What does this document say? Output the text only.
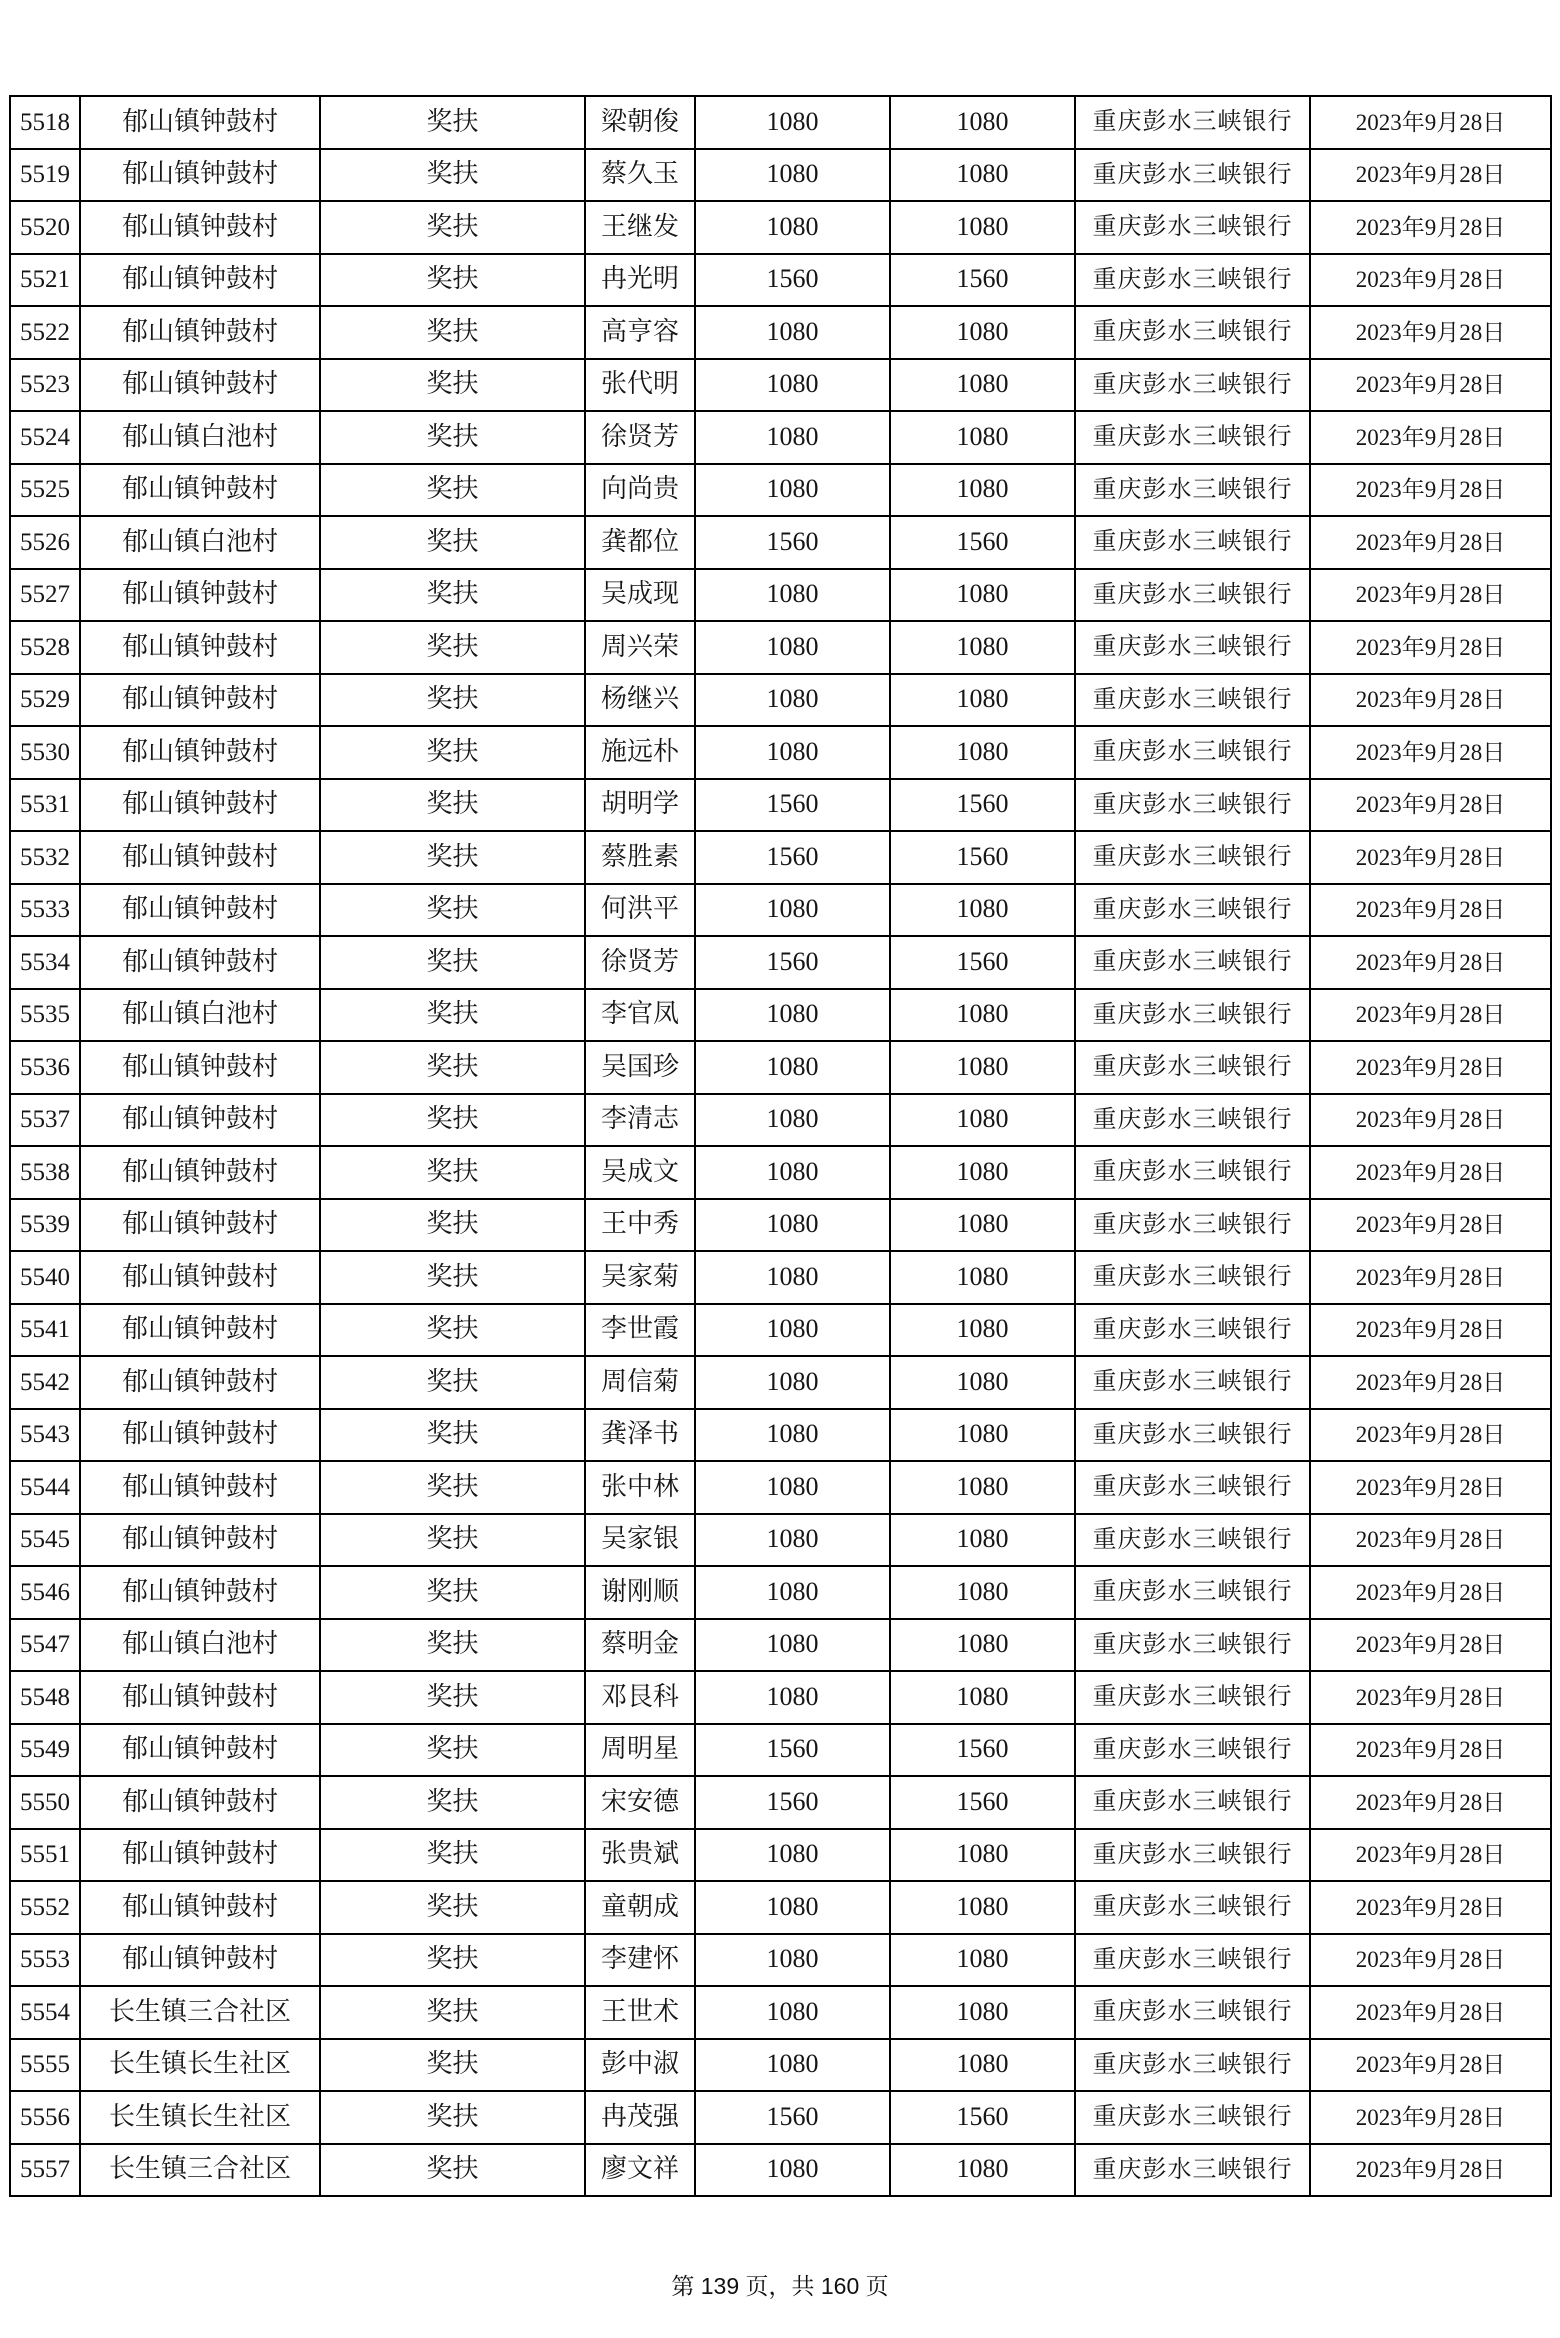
5518	郁山镇钟鼓村	奖扶	梁朝俊	1080	1080	重庆彭水三峡银行	2023年9月28日
5519	郁山镇钟鼓村	奖扶	蔡久玉	1080	1080	重庆彭水三峡银行	2023年9月28日
5520	郁山镇钟鼓村	奖扶	王继发	1080	1080	重庆彭水三峡银行	2023年9月28日
5521	郁山镇钟鼓村	奖扶	冉光明	1560	1560	重庆彭水三峡银行	2023年9月28日
5522	郁山镇钟鼓村	奖扶	高亨容	1080	1080	重庆彭水三峡银行	2023年9月28日
5523	郁山镇钟鼓村	奖扶	张代明	1080	1080	重庆彭水三峡银行	2023年9月28日
5524	郁山镇白池村	奖扶	徐贤芳	1080	1080	重庆彭水三峡银行	2023年9月28日
5525	郁山镇钟鼓村	奖扶	向尚贵	1080	1080	重庆彭水三峡银行	2023年9月28日
5526	郁山镇白池村	奖扶	龚都位	1560	1560	重庆彭水三峡银行	2023年9月28日
5527	郁山镇钟鼓村	奖扶	吴成现	1080	1080	重庆彭水三峡银行	2023年9月28日
5528	郁山镇钟鼓村	奖扶	周兴荣	1080	1080	重庆彭水三峡银行	2023年9月28日
5529	郁山镇钟鼓村	奖扶	杨继兴	1080	1080	重庆彭水三峡银行	2023年9月28日
5530	郁山镇钟鼓村	奖扶	施远朴	1080	1080	重庆彭水三峡银行	2023年9月28日
5531	郁山镇钟鼓村	奖扶	胡明学	1560	1560	重庆彭水三峡银行	2023年9月28日
5532	郁山镇钟鼓村	奖扶	蔡胜素	1560	1560	重庆彭水三峡银行	2023年9月28日
5533	郁山镇钟鼓村	奖扶	何洪平	1080	1080	重庆彭水三峡银行	2023年9月28日
5534	郁山镇钟鼓村	奖扶	徐贤芳	1560	1560	重庆彭水三峡银行	2023年9月28日
5535	郁山镇白池村	奖扶	李官凤	1080	1080	重庆彭水三峡银行	2023年9月28日
5536	郁山镇钟鼓村	奖扶	吴国珍	1080	1080	重庆彭水三峡银行	2023年9月28日
5537	郁山镇钟鼓村	奖扶	李清志	1080	1080	重庆彭水三峡银行	2023年9月28日
5538	郁山镇钟鼓村	奖扶	吴成文	1080	1080	重庆彭水三峡银行	2023年9月28日
5539	郁山镇钟鼓村	奖扶	王中秀	1080	1080	重庆彭水三峡银行	2023年9月28日
5540	郁山镇钟鼓村	奖扶	吴家菊	1080	1080	重庆彭水三峡银行	2023年9月28日
5541	郁山镇钟鼓村	奖扶	李世霞	1080	1080	重庆彭水三峡银行	2023年9月28日
5542	郁山镇钟鼓村	奖扶	周信菊	1080	1080	重庆彭水三峡银行	2023年9月28日
5543	郁山镇钟鼓村	奖扶	龚泽书	1080	1080	重庆彭水三峡银行	2023年9月28日
5544	郁山镇钟鼓村	奖扶	张中林	1080	1080	重庆彭水三峡银行	2023年9月28日
5545	郁山镇钟鼓村	奖扶	吴家银	1080	1080	重庆彭水三峡银行	2023年9月28日
5546	郁山镇钟鼓村	奖扶	谢刚顺	1080	1080	重庆彭水三峡银行	2023年9月28日
5547	郁山镇白池村	奖扶	蔡明金	1080	1080	重庆彭水三峡银行	2023年9月28日
5548	郁山镇钟鼓村	奖扶	邓艮科	1080	1080	重庆彭水三峡银行	2023年9月28日
5549	郁山镇钟鼓村	奖扶	周明星	1560	1560	重庆彭水三峡银行	2023年9月28日
5550	郁山镇钟鼓村	奖扶	宋安德	1560	1560	重庆彭水三峡银行	2023年9月28日
5551	郁山镇钟鼓村	奖扶	张贵斌	1080	1080	重庆彭水三峡银行	2023年9月28日
5552	郁山镇钟鼓村	奖扶	童朝成	1080	1080	重庆彭水三峡银行	2023年9月28日
5553	郁山镇钟鼓村	奖扶	李建怀	1080	1080	重庆彭水三峡银行	2023年9月28日
5554	长生镇三合社区	奖扶	王世术	1080	1080	重庆彭水三峡银行	2023年9月28日
5555	长生镇长生社区	奖扶	彭中淑	1080	1080	重庆彭水三峡银行	2023年9月28日
5556	长生镇长生社区	奖扶	冉茂强	1560	1560	重庆彭水三峡银行	2023年9月28日
5557	长生镇三合社区	奖扶	廖文祥	1080	1080	重庆彭水三峡银行	2023年9月28日
第 139 页，共 160 页
